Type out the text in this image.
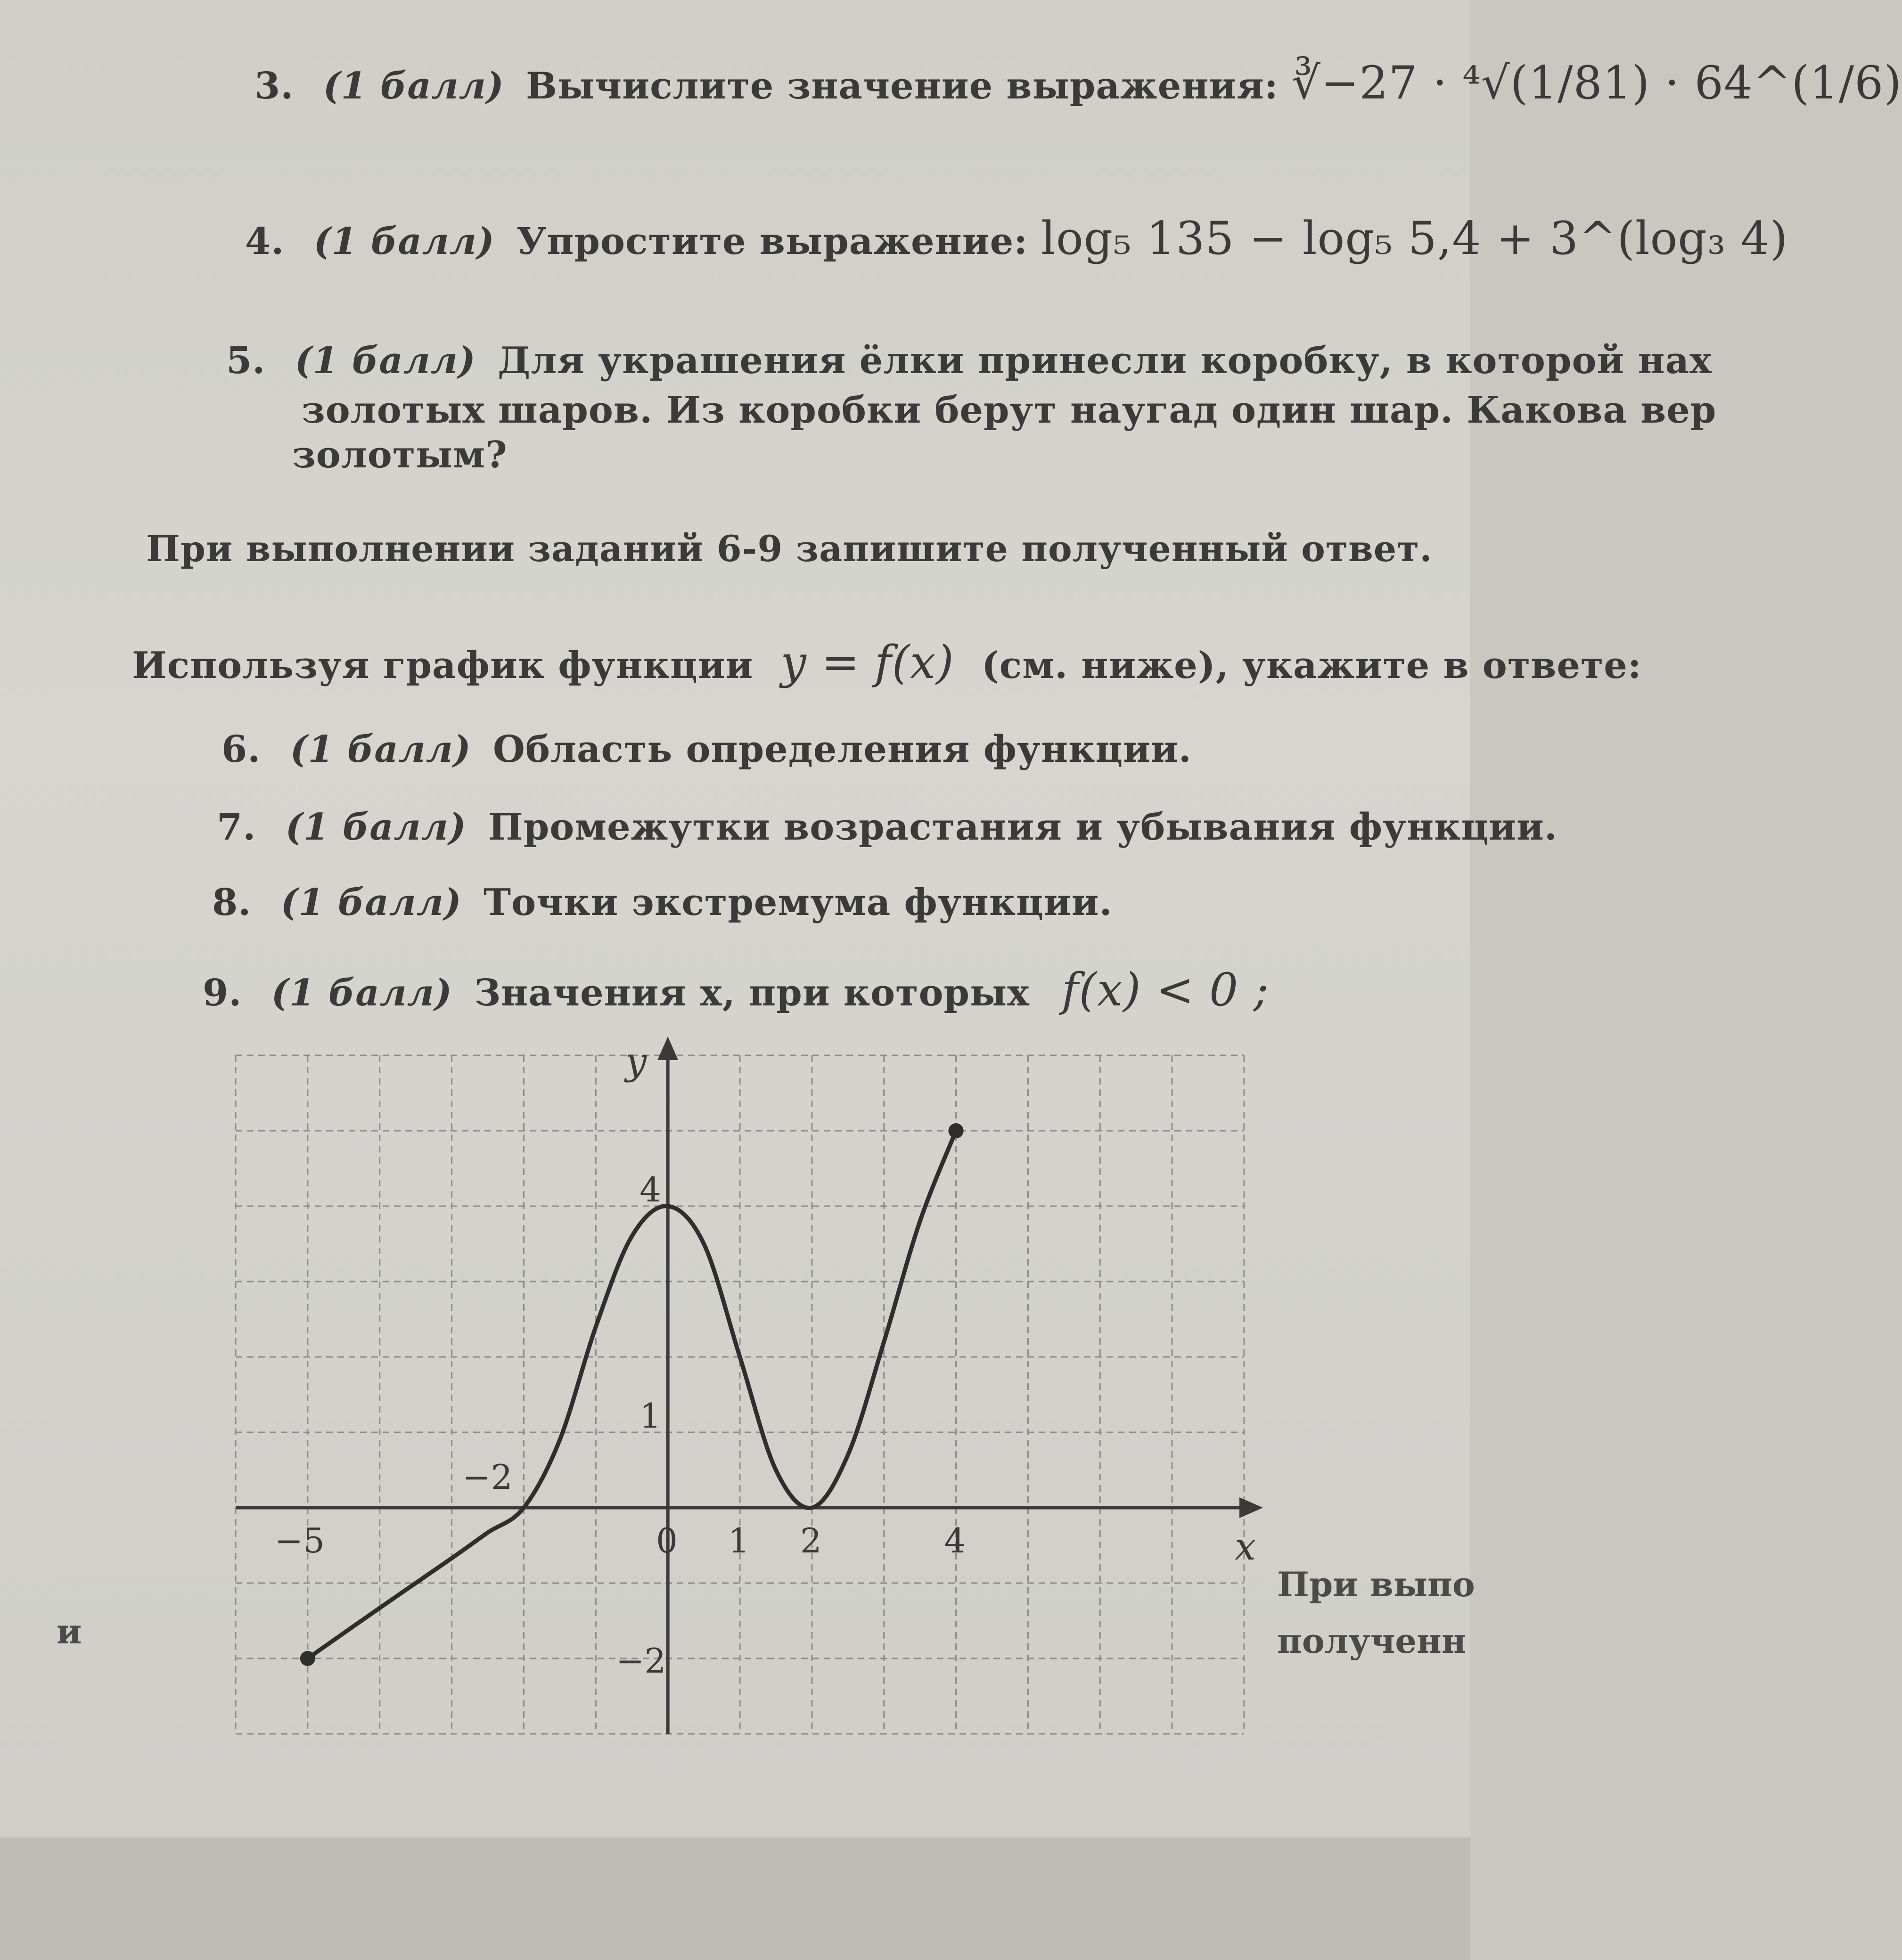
3. (1 балл) Вычислите значение выражения: ∛−27 · ⁴√(1/81) · 64^(1/6)
4. (1 балл) Упростите выражение: log₅ 135 − log₅ 5,4 + 3^(log₃ 4)
5. (1 балл) Для украшения ёлки принесли коробку, в которой нах
золотых шаров. Из коробки берут наугад один шар. Какова вер
золотым?
При выполнении заданий 6-9 запишите полученный ответ.
Используя график функции y = f(x) (см. ниже), укажите в ответе:
6. (1 балл) Область определения функции.
7. (1 балл) Промежутки возрастания и убывания функции.
8. (1 балл) Точки экстремума функции.
9. (1 балл) Значения x, при которых f(x) < 0 ;
x
y
−5	0 1 2	4
4
1
−2
−2
и
При выпо
полученн
